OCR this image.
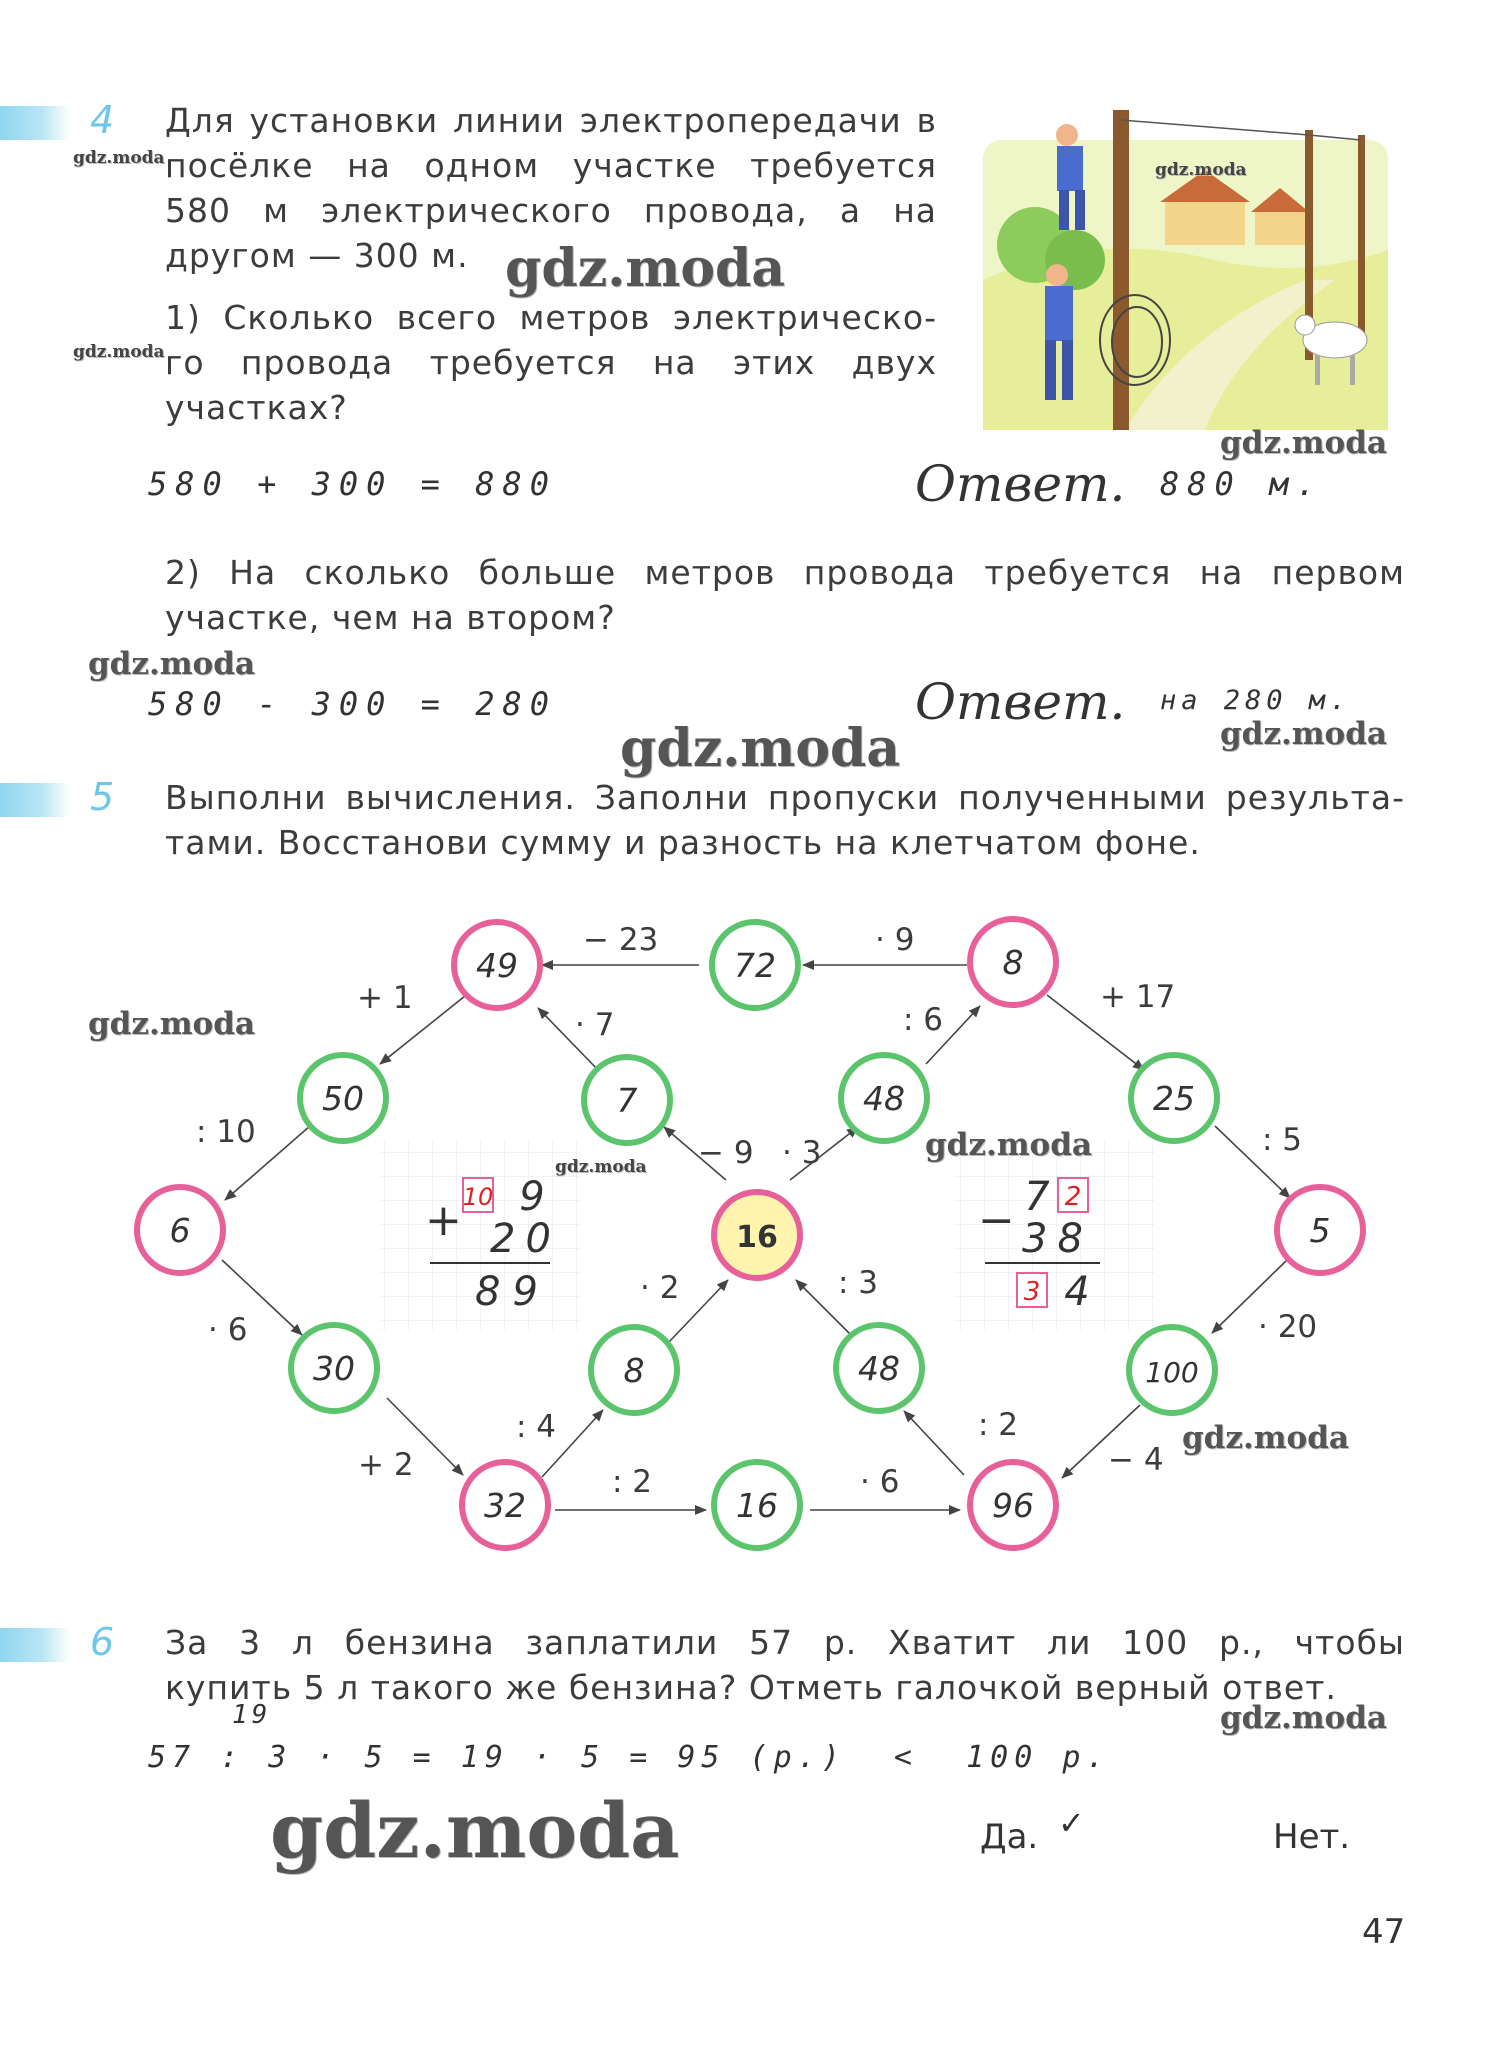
4 Для установки линии электропередачи в
посёлке на одном участке требуется
580 м электрического провода, а на
другом — 300 м.
1) Сколько всего метров электрическо-
го провода требуется на этих двух
участках?
580 + 300 = 880	Ответ. 880 м.
2) На сколько больше метров провода требуется на первом
участке, чем на втором?
580 - 300 = 280	Ответ. на 280 м.
5 Выполни вычисления. Заполни пропуски полученными результа-
тами. Восстанови сумму и разность на клетчатом фоне.
49	72	8
50	7	48	25
6	16	5
30	8	48	100
32	16	96
− 23	· 9
+ 1
· 7	: 6
+ 17
: 10
− 9 · 3	: 5
· 6
· 2	: 3
· 20
: 4	: 2
+ 2	: 2	· 6
− 4
+ 10 9
20
89
− 7 2
38
3 4
6 За 3 л бензина заплатили 57 р. Хватит ли 100 р., чтобы
купить 5 л такого же бензина? Отметь галочкой верный ответ.
19
57 : 3 · 5 = 19 · 5 = 95 (р.)  <  100 р.
Да. ✓	Нет.
47
gdz.moda
gdz.moda
gdz.moda
gdz.moda
gdz.moda
gdz.moda
gdz.moda
gdz.moda
gdz.moda
gdz.moda
gdz.moda
gdz.moda
gdz.moda
gdz.moda
